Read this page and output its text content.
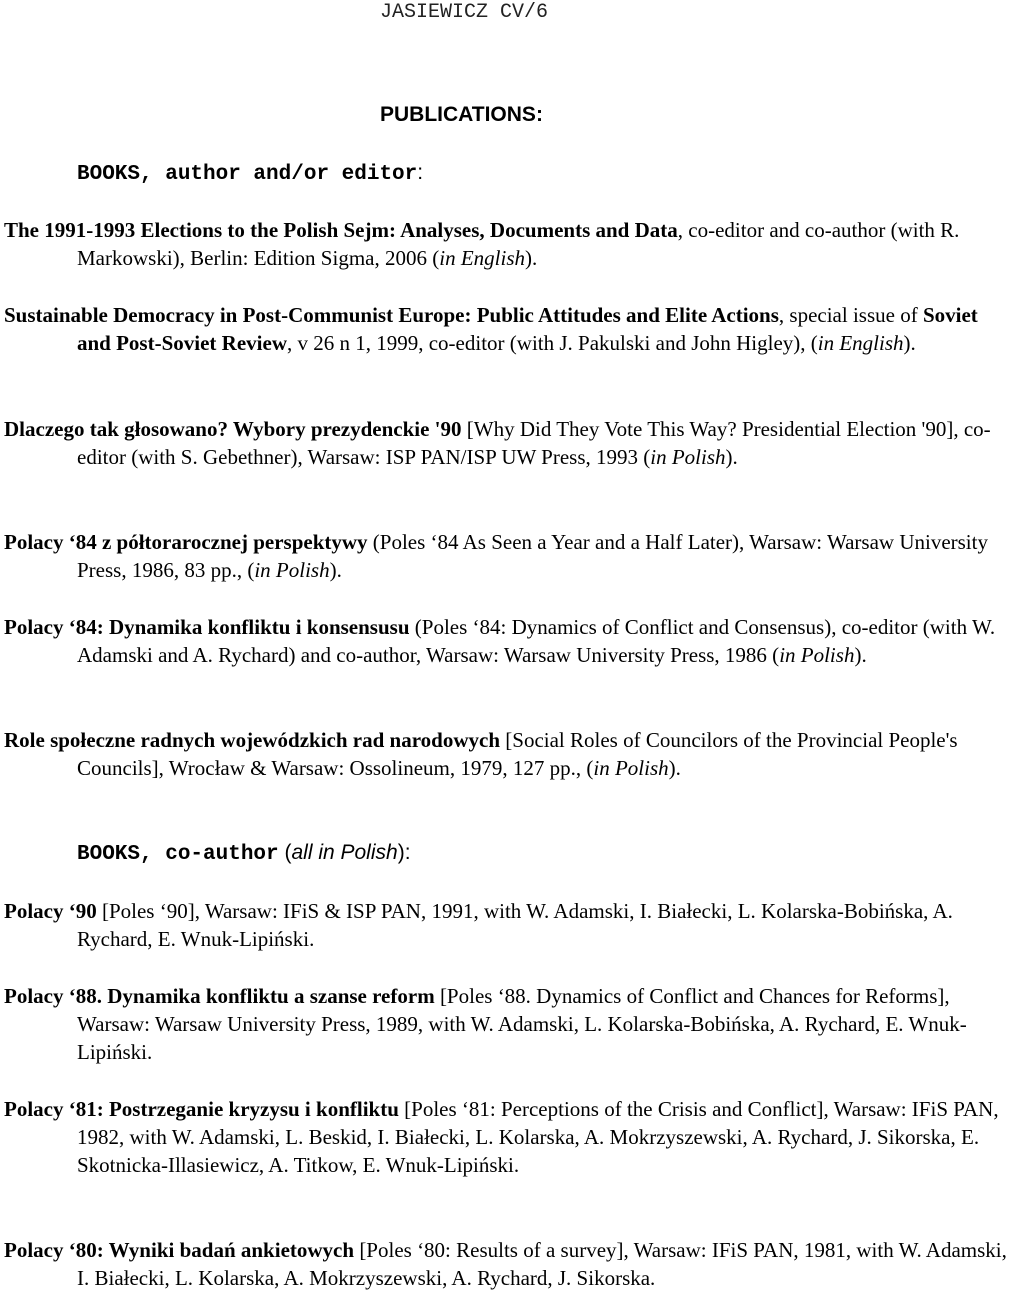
JASIEWICZ CV/6
PUBLICATIONS:
BOOKS, author and/or editor:
The 1991-1993 Elections to the Polish Sejm: Analyses, Documents and Data, co-editor and co-author (with R. Markowski), Berlin: Edition Sigma, 2006 (in English).
Sustainable Democracy in Post-Communist Europe: Public Attitudes and Elite Actions, special issue of Soviet and Post-Soviet Review, v 26 n 1, 1999, co-editor (with J. Pakulski and John Higley), (in English).
Dlaczego tak głosowano? Wybory prezydenckie '90 [Why Did They Vote This Way? Presidential Election '90], co-editor (with S. Gebethner), Warsaw: ISP PAN/ISP UW Press, 1993 (in Polish).
Polacy ‘84 z półtorarocznej perspektywy (Poles ‘84 As Seen a Year and a Half Later), Warsaw: Warsaw University Press, 1986, 83 pp., (in Polish).
Polacy ‘84: Dynamika konfliktu i konsensusu (Poles ‘84: Dynamics of Conflict and Consensus), co-editor (with W. Adamski and A. Rychard) and co-author, Warsaw: Warsaw University Press, 1986 (in Polish).
Role społeczne radnych wojewódzkich rad narodowych [Social Roles of Councilors of the Provincial People's Councils], Wrocław & Warsaw: Ossolineum, 1979, 127 pp., (in Polish).
BOOKS, co-author (all in Polish):
Polacy ‘90 [Poles ‘90], Warsaw: IFiS & ISP PAN, 1991, with W. Adamski, I. Białecki, L. Kolarska-Bobińska, A. Rychard, E. Wnuk-Lipiński.
Polacy ‘88. Dynamika konfliktu a szanse reform [Poles ‘88. Dynamics of Conflict and Chances for Reforms], Warsaw: Warsaw University Press, 1989, with W. Adamski, L. Kolarska-Bobińska, A. Rychard, E. Wnuk-Lipiński.
Polacy ‘81: Postrzeganie kryzysu i konfliktu [Poles ‘81: Perceptions of the Crisis and Conflict], Warsaw: IFiS PAN, 1982, with W. Adamski, L. Beskid, I. Białecki, L. Kolarska, A. Mokrzyszewski, A. Rychard, J. Sikorska, E. Skotnicka-Illasiewicz, A. Titkow, E. Wnuk-Lipiński.
Polacy ‘80: Wyniki badań ankietowych [Poles ‘80: Results of a survey], Warsaw: IFiS PAN, 1981, with W. Adamski, I. Białecki, L. Kolarska, A. Mokrzyszewski, A. Rychard, J. Sikorska.
